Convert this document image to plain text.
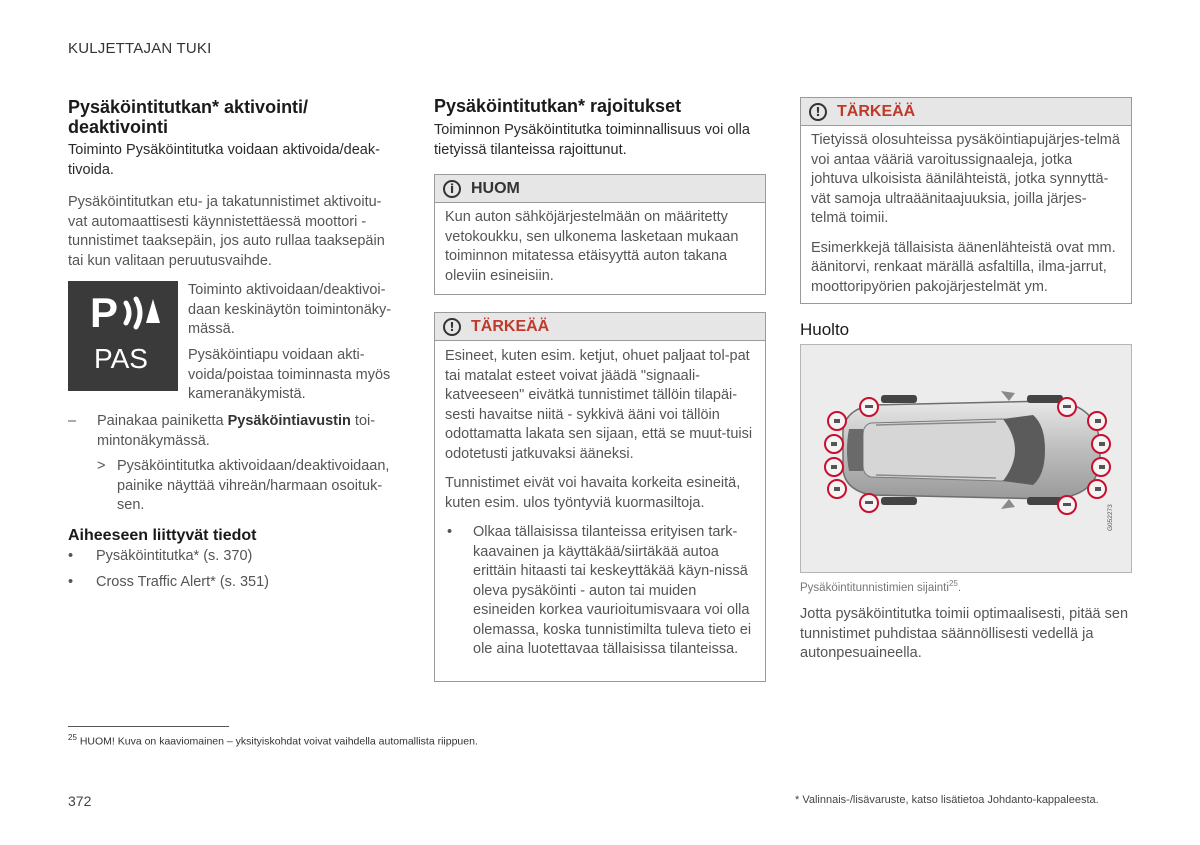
KULJETTAJAN TUKI
Pysäköintitutkan* aktivointi/ deaktivointi
Toiminto Pysäköintitutka voidaan aktivoida/deak-tivoida.
Pysäköintitutkan etu- ja takatunnistimet aktivoitu-vat automaattisesti käynnistettäessä moottori - tunnistimet taaksepäin, jos auto rullaa taaksepäin tai kun valitaan peruutusvaihde.
P
PAS
Toiminto aktivoidaan/deaktivoi-daan keskinäytön toimintonäky-mässä.
Pysäköintiapu voidaan akti-voida/poistaa toiminnasta myös kameranäkymistä.
–	Painakaa painiketta Pysäköintiavustin toi-mintonäkymässä.
> Pysäköintitutka aktivoidaan/deaktivoidaan, painike näyttää vihreän/harmaan osoituk-sen.
Aiheeseen liittyvät tiedot
•	Pysäköintitutka* (s. 370)
•	Cross Traffic Alert* (s. 351)
Pysäköintitutkan* rajoitukset
Toiminnon Pysäköintitutka toiminnallisuus voi olla tietyissä tilanteissa rajoittunut.
i	HUOM
Kun auton sähköjärjestelmään on määritetty vetokoukku, sen ulkonema lasketaan mukaan toiminnon mitatessa etäisyyttä auton takana oleviin esineisiin.
!	TÄRKEÄÄ
Esineet, kuten esim. ketjut, ohuet paljaat tol-pat tai matalat esteet voivat jäädä "signaali-katveeseen" eivätkä tunnistimet tällöin tilapäi-sesti havaitse niitä - sykkivä ääni voi tällöin odottamatta lakata sen sijaan, että se muut-tuisi odotetusti jatkuvaksi ääneksi.
Tunnistimet eivät voi havaita korkeita esineitä, kuten esim. ulos työntyviä kuormasiltoja.
•	Olkaa tällaisissa tilanteissa erityisen tark-kaavainen ja käyttäkää/siirtäkää autoa erittäin hitaasti tai keskeyttäkää käyn-nissä oleva pysäköinti - auton tai muiden esineiden korkea vaurioitumisvaara voi olla olemassa, koska tunnistimilta tuleva tieto ei ole aina luotettavaa tällaisissa tilanteissa.
!	TÄRKEÄÄ
Tietyissä olosuhteissa pysäköintiapujärjes-telmä voi antaa vääriä varoitussignaaleja, jotka johtuva ulkoisista äänilähteistä, jotka synnyttä-vät samoja ultraäänitaajuuksia, joilla järjes-telmä toimii.
Esimerkkejä tällaisista äänenlähteistä ovat mm. äänitorvi, renkaat märällä asfaltilla, ilma-jarrut, moottoripyörien pakojärjestelmät ym.
Huolto
G052273
Pysäköintitunnistimien sijainti$^{25}$.
Jotta pysäköintitutka toimii optimaalisesti, pitää sen tunnistimet puhdistaa säännöllisesti vedellä ja autonpesuaineella.
$^{25}$ HUOM! Kuva on kaaviomainen – yksityiskohdat voivat vaihdella automallista riippuen.
372	* Valinnais-/lisävaruste, katso lisätietoa Johdanto-kappaleesta.
